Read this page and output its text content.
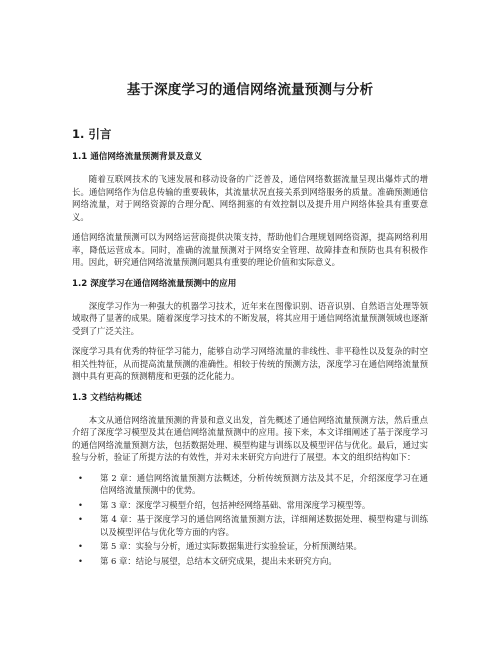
基于深度学习的通信网络流量预测与分析
1. 引言
1.1 通信网络流量预测背景及意义

随着互联网技术的飞速发展和移动设备的广泛普及，通信网络数据流量呈现出爆炸式的增长。通信网络作为信息传输的重要载体，其流量状况直接关系到网络服务的质量。准确预测通信网络流量，对于网络资源的合理分配、网络拥塞的有效控制以及提升用户网络体验具有重要意义。

通信网络流量预测可以为网络运营商提供决策支持，帮助他们合理规划网络资源，提高网络利用率，降低运营成本。同时，准确的流量预测对于网络安全管理、故障排查和预防也具有积极作用。因此，研究通信网络流量预测问题具有重要的理论价值和实际意义。

1.2 深度学习在通信网络流量预测中的应用

深度学习作为一种强大的机器学习技术，近年来在图像识别、语音识别、自然语言处理等领域取得了显著的成果。随着深度学习技术的不断发展，将其应用于通信网络流量预测领域也逐渐受到了广泛关注。

深度学习具有优秀的特征学习能力，能够自动学习网络流量的非线性、非平稳性以及复杂的时空相关性特征，从而提高流量预测的准确性。相较于传统的预测方法，深度学习在通信网络流量预测中具有更高的预测精度和更强的泛化能力。

1.3 文档结构概述

本文从通信网络流量预测的背景和意义出发，首先概述了通信网络流量预测方法，然后重点介绍了深度学习模型及其在通信网络流量预测中的应用。接下来，本文详细阐述了基于深度学习的通信网络流量预测方法，包括数据处理、模型构建与训练以及模型评估与优化。最后，通过实验与分析，验证了所提方法的有效性，并对未来研究方向进行了展望。本文的组织结构如下：

• 第 2 章：通信网络流量预测方法概述，分析传统预测方法及其不足，介绍深度学习在通信网络流量预测中的优势。
• 第 3 章：深度学习模型介绍，包括神经网络基础、常用深度学习模型等。
• 第 4 章：基于深度学习的通信网络流量预测方法，详细阐述数据处理、模型构建与训练以及模型评估与优化等方面的内容。
• 第 5 章：实验与分析，通过实际数据集进行实验验证，分析预测结果。
• 第 6 章：结论与展望，总结本文研究成果，提出未来研究方向。
